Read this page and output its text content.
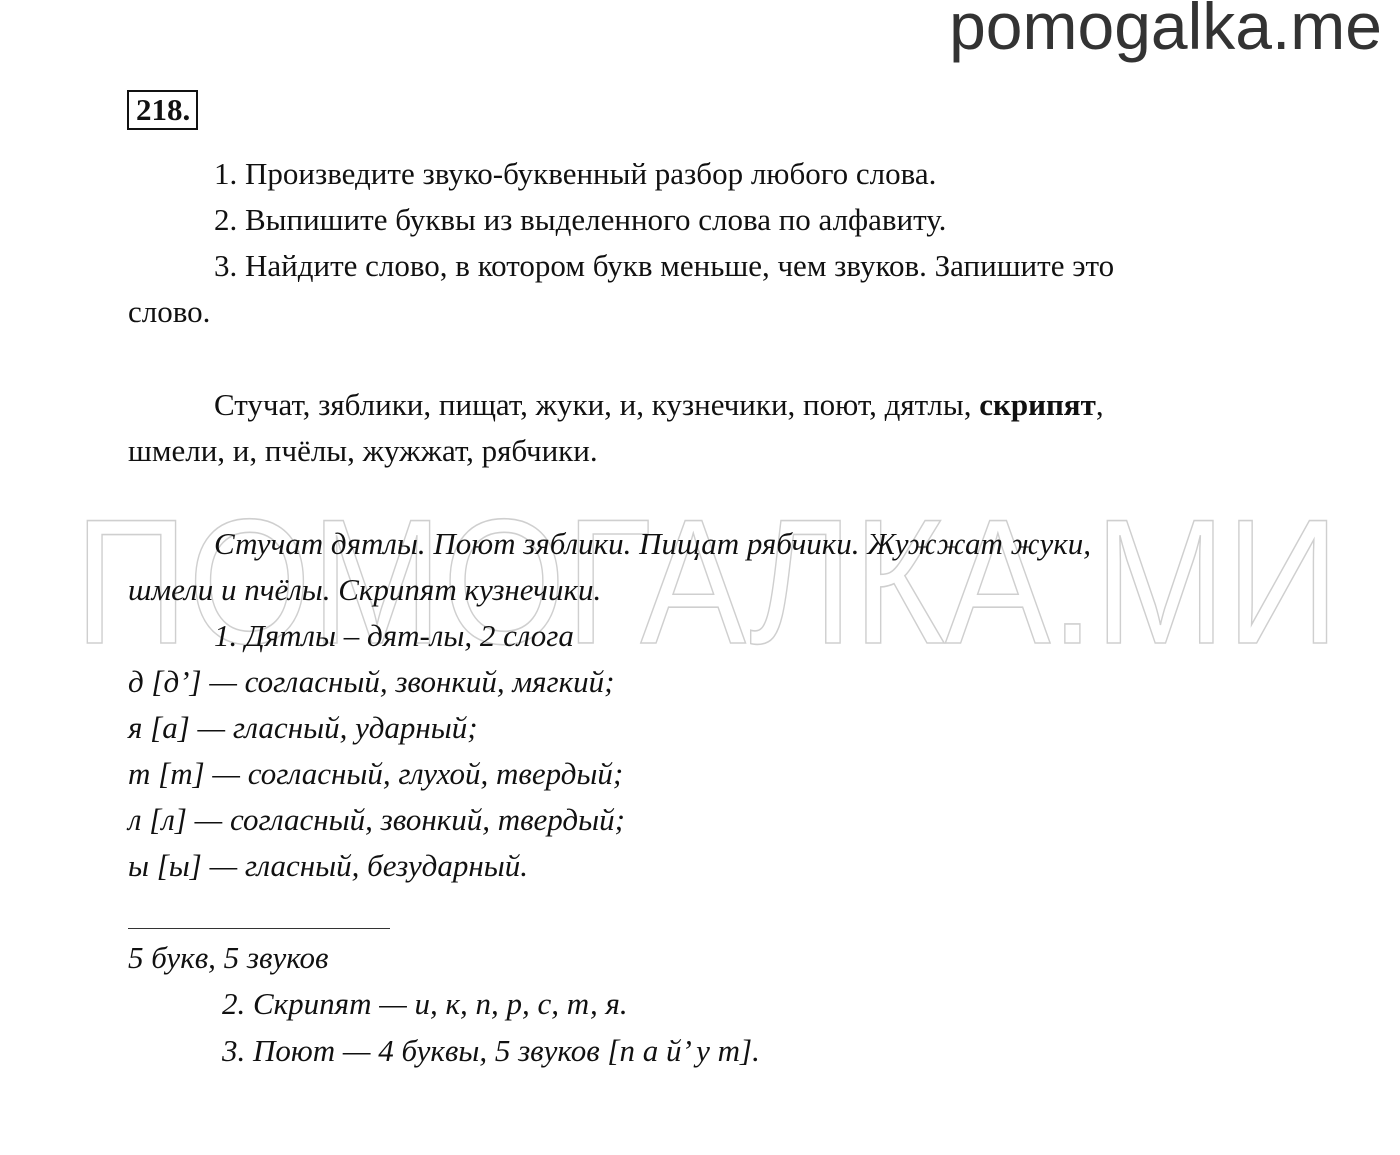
pomogalka.me
ПОМОГАЛКА.МИ
218.
1. Произведите звуко-буквенный разбор любого слова.
2. Выпишите буквы из выделенного слова по алфавиту.
3. Найдите слово, в котором букв меньше, чем звуков. Запишите это
слово.
Стучат, зяблики, пищат, жуки, и, кузнечики, поют, дятлы, скрипят,
шмели, и, пчёлы, жужжат, рябчики.
Стучат дятлы. Поют зяблики. Пищат рябчики. Жужжат жуки,
шмели и пчёлы. Скрипят кузнечики.
1. Дятлы – дят-лы, 2 слога
д [д’] — согласный, звонкий, мягкий;
я [а] — гласный, ударный;
т [т] — согласный, глухой, твердый;
л [л] — согласный, звонкий, твердый;
ы [ы] — гласный, безударный.
5 букв, 5 звуков
2. Скрипят — и, к, п, р, с, т, я.
3. Поют — 4 буквы, 5 звуков [п а й’ у т].
